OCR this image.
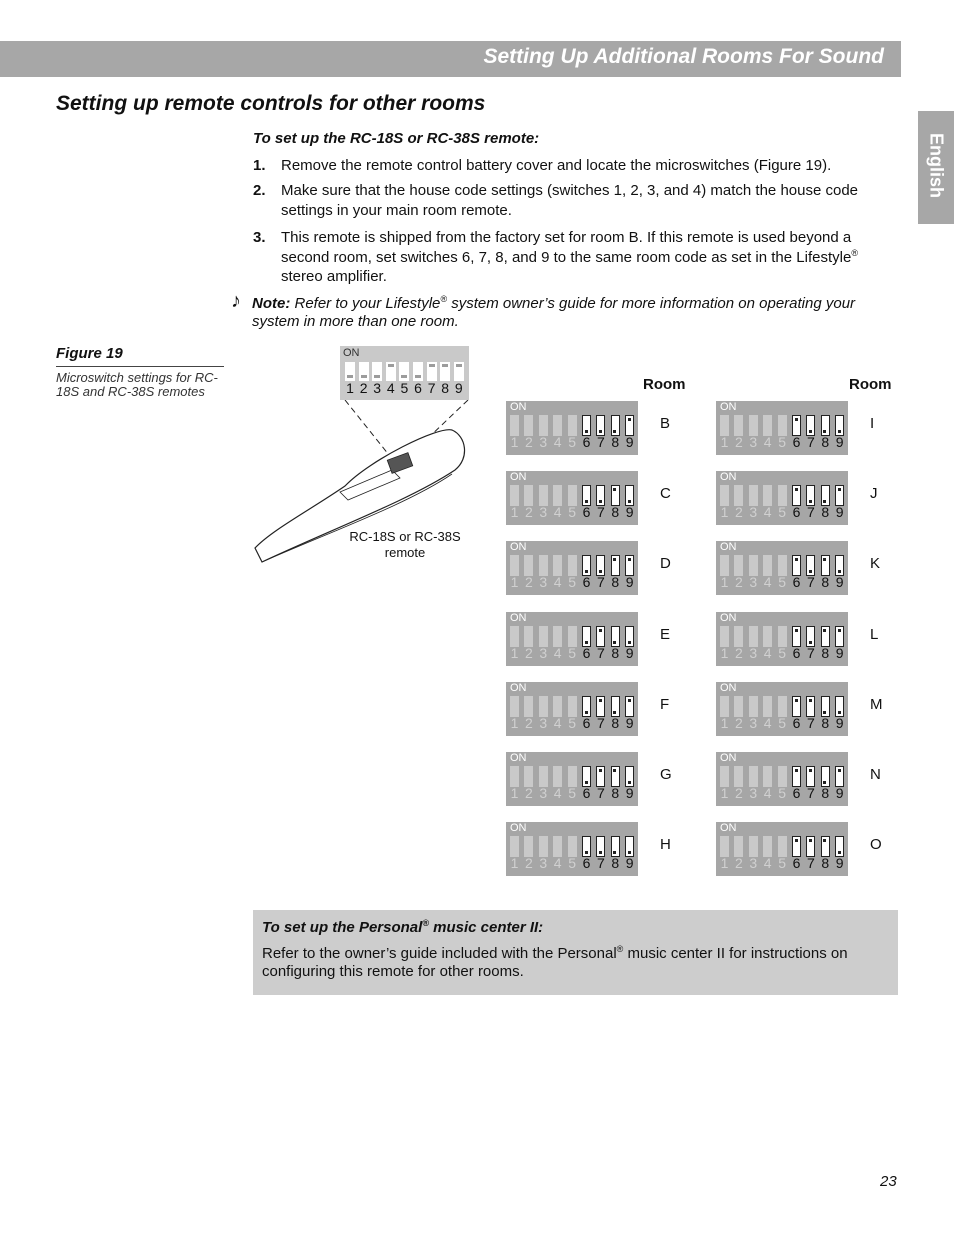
Setting Up Additional Rooms For Sound
English
Setting up remote controls for other rooms
To set up the RC-18S or RC-38S remote:
1. Remove the remote control battery cover and locate the microswitches (Figure 19).
2. Make sure that the house code settings (switches 1, 2, 3, and 4) match the house code settings in your main room remote.
3. This remote is shipped from the factory set for room B. If this remote is used beyond a second room, set switches 6, 7, 8, and 9 to the same room code as set in the Lifestyle® stereo amplifier.
♪ Note: Refer to your Lifestyle® system owner’s guide for more information on operating your system in more than one room.
Figure 19
Microswitch settings for RC-18S and RC-38S remotes
ON
1 2 3 4 5 6 7 8 9
RC-18S or RC-38S remote
Room	Room
ON
1 2 3 4 5 6 7 8 9
B
ON
1 2 3 4 5 6 7 8 9
C
ON
1 2 3 4 5 6 7 8 9
D
ON
1 2 3 4 5 6 7 8 9
E
ON
1 2 3 4 5 6 7 8 9
F
ON
1 2 3 4 5 6 7 8 9
G
ON
1 2 3 4 5 6 7 8 9
H
ON
1 2 3 4 5 6 7 8 9
I
ON
1 2 3 4 5 6 7 8 9
J
ON
1 2 3 4 5 6 7 8 9
K
ON
1 2 3 4 5 6 7 8 9
L
ON
1 2 3 4 5 6 7 8 9
M
ON
1 2 3 4 5 6 7 8 9
N
ON
1 2 3 4 5 6 7 8 9
O
To set up the Personal® music center II:
Refer to the owner’s guide included with the Personal® music center II for instructions on configuring this remote for other rooms.
23
